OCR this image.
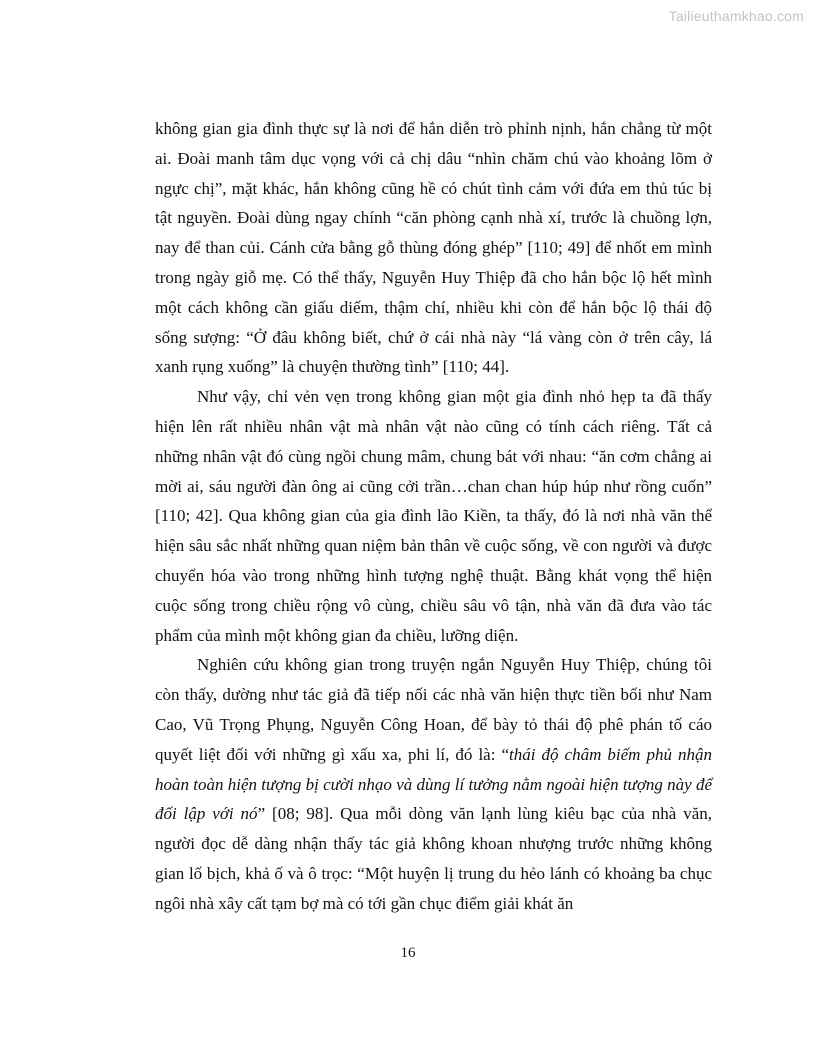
Tailieuthamkhao.com

không gian gia đình thực sự là nơi để hắn diễn trò phỉnh nịnh, hắn chẳng từ một ai. Đoài manh tâm dục vọng với cả chị dâu “nhìn chăm chú vào khoảng lõm ở ngực chị”, mặt khác, hắn không cũng hề có chút tình cảm với đứa em thủ túc bị tật nguyền. Đoài dùng ngay chính “căn phòng cạnh nhà xí, trước là chuồng lợn, nay để than củi. Cánh cửa bằng gỗ thùng đóng ghép” [110; 49] để nhốt em mình trong ngày giỗ mẹ. Có thể thấy, Nguyễn Huy Thiệp đã cho hắn bộc lộ hết mình một cách không cần giấu diếm, thậm chí, nhiều khi còn để hắn bộc lộ thái độ sống sượng: “Ở đâu không biết, chứ ở cái nhà này “lá vàng còn ở trên cây, lá xanh rụng xuống” là chuyện thường tình” [110; 44].

Như vậy, chỉ vẻn vẹn trong không gian một gia đình nhỏ hẹp ta đã thấy hiện lên rất nhiều nhân vật mà nhân vật nào cũng có tính cách riêng. Tất cả những nhân vật đó cùng ngồi chung mâm, chung bát với nhau: “ăn cơm chẳng ai mời ai, sáu người đàn ông ai cũng cởi trần…chan chan húp húp như rồng cuốn” [110; 42]. Qua không gian của gia đình lão Kiền, ta thấy, đó là nơi nhà văn thể hiện sâu sắc nhất những quan niệm bản thân về cuộc sống, về con người và được chuyển hóa vào trong những hình tượng nghệ thuật. Bằng khát vọng thể hiện cuộc sống trong chiều rộng vô cùng, chiều sâu vô tận, nhà văn đã đưa vào tác phẩm của mình một không gian đa chiều, lưỡng diện.

Nghiên cứu không gian trong truyện ngắn Nguyễn Huy Thiệp, chúng tôi còn thấy, dường như tác giả đã tiếp nối các nhà văn hiện thực tiền bối như Nam Cao, Vũ Trọng Phụng, Nguyễn Công Hoan, để bày tỏ thái độ phê phán tố cáo quyết liệt đối với những gì xấu xa, phi lí, đó là: “thái độ châm biếm phủ nhận hoàn toàn hiện tượng bị cười nhạo và dùng lí tưởng nằm ngoài hiện tượng này để đối lập với nó” [08; 98]. Qua mỗi dòng văn lạnh lùng kiêu bạc của nhà văn, người đọc dễ dàng nhận thấy tác giả không khoan nhượng trước những không gian lố bịch, khả ố và ô trọc: “Một huyện lị trung du hẻo lánh có khoảng ba chục ngôi nhà xây cất tạm bợ mà có tới gần chục điểm giải khát ăn

16
